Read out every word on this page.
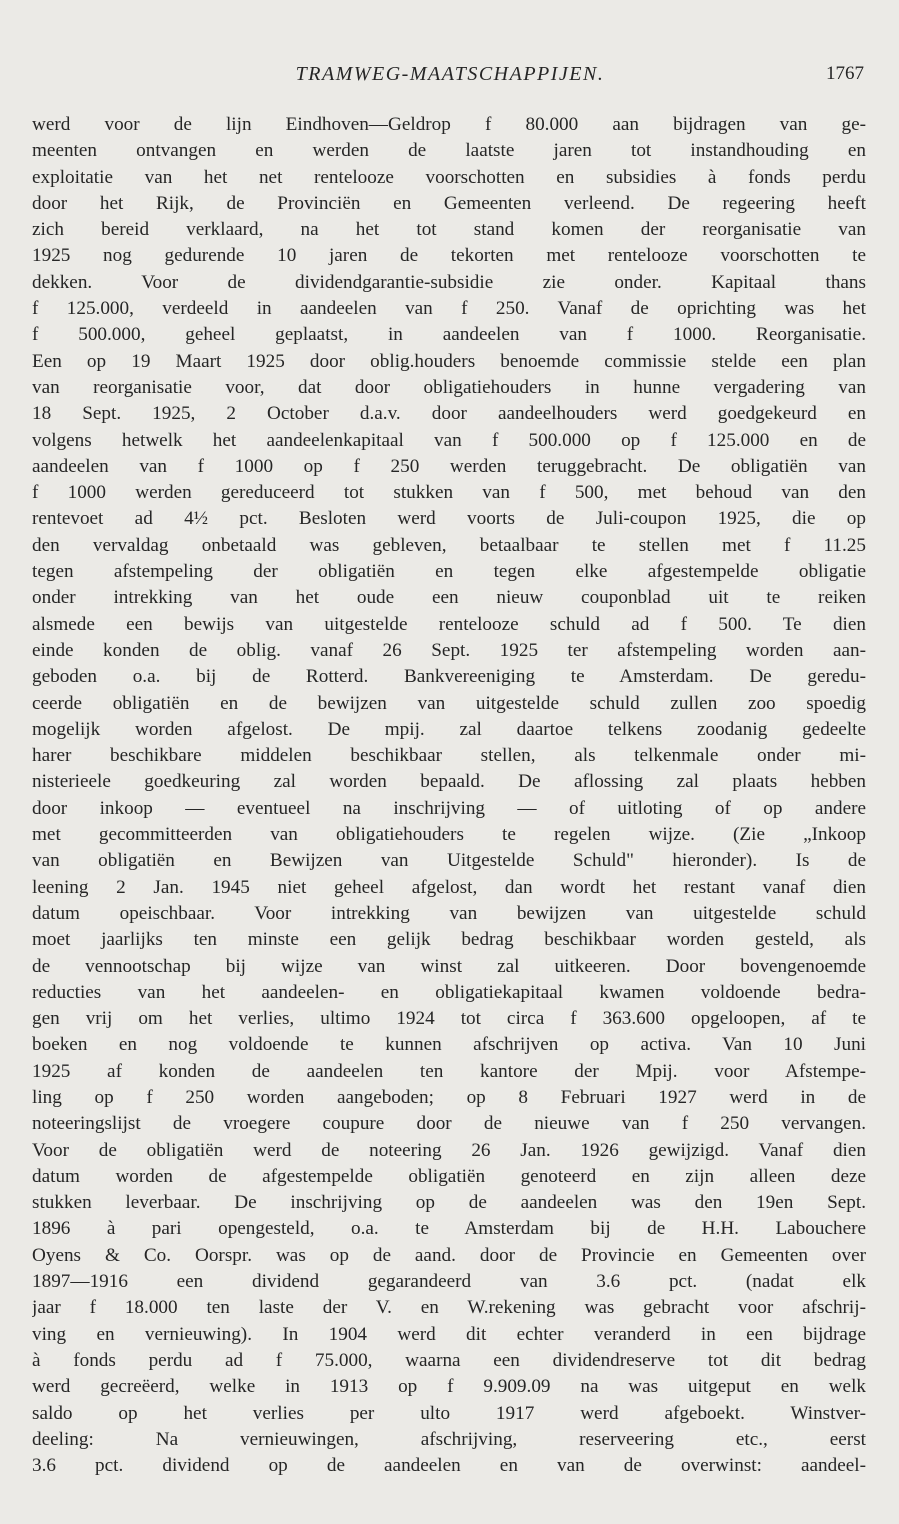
TRAMWEG-MAATSCHAPPIJEN.	1767
werd voor de lijn Eindhoven—Geldrop f 80.000 aan bijdragen van ge-
meenten ontvangen en werden de laatste jaren tot instandhouding en
exploitatie van het net rentelooze voorschotten en subsidies à fonds perdu
door het Rijk, de Provinciën en Gemeenten verleend. De regeering heeft
zich bereid verklaard, na het tot stand komen der reorganisatie van
1925 nog gedurende 10 jaren de tekorten met rentelooze voorschotten te
dekken. Voor de dividendgarantie-subsidie zie onder. Kapitaal thans
f 125.000, verdeeld in aandeelen van f 250. Vanaf de oprichting was het
f 500.000, geheel geplaatst, in aandeelen van f 1000. Reorganisatie.
Een op 19 Maart 1925 door oblig.houders benoemde commissie stelde een plan
van reorganisatie voor, dat door obligatiehouders in hunne vergadering van
18 Sept. 1925, 2 October d.a.v. door aandeelhouders werd goedgekeurd en
volgens hetwelk het aandeelenkapitaal van f 500.000 op f 125.000 en de
aandeelen van f 1000 op f 250 werden teruggebracht. De obligatiën van
f 1000 werden gereduceerd tot stukken van f 500, met behoud van den
rentevoet ad 4½ pct. Besloten werd voorts de Juli-coupon 1925, die op
den vervaldag onbetaald was gebleven, betaalbaar te stellen met f 11.25
tegen afstempeling der obligatiën en tegen elke afgestempelde obligatie
onder intrekking van het oude een nieuw couponblad uit te reiken
alsmede een bewijs van uitgestelde rentelooze schuld ad f 500. Te dien
einde konden de oblig. vanaf 26 Sept. 1925 ter afstempeling worden aan-
geboden o.a. bij de Rotterd. Bankvereeniging te Amsterdam. De geredu-
ceerde obligatiën en de bewijzen van uitgestelde schuld zullen zoo spoedig
mogelijk worden afgelost. De mpij. zal daartoe telkens zoodanig gedeelte
harer beschikbare middelen beschikbaar stellen, als telkenmale onder mi-
nisterieele goedkeuring zal worden bepaald. De aflossing zal plaats hebben
door inkoop — eventueel na inschrijving — of uitloting of op andere
met gecommitteerden van obligatiehouders te regelen wijze. (Zie „Inkoop
van obligatiën en Bewijzen van Uitgestelde Schuld" hieronder). Is de
leening 2 Jan. 1945 niet geheel afgelost, dan wordt het restant vanaf dien
datum opeischbaar. Voor intrekking van bewijzen van uitgestelde schuld
moet jaarlijks ten minste een gelijk bedrag beschikbaar worden gesteld, als
de vennootschap bij wijze van winst zal uitkeeren. Door bovengenoemde
reducties van het aandeelen- en obligatiekapitaal kwamen voldoende bedra-
gen vrij om het verlies, ultimo 1924 tot circa f 363.600 opgeloopen, af te
boeken en nog voldoende te kunnen afschrijven op activa. Van 10 Juni
1925 af konden de aandeelen ten kantore der Mpij. voor Afstempe-
ling op f 250 worden aangeboden; op 8 Februari 1927 werd in de
noteeringslijst de vroegere coupure door de nieuwe van f 250 vervangen.
Voor de obligatiën werd de noteering 26 Jan. 1926 gewijzigd. Vanaf dien
datum worden de afgestempelde obligatiën genoteerd en zijn alleen deze
stukken leverbaar. De inschrijving op de aandeelen was den 19en Sept.
1896 à pari opengesteld, o.a. te Amsterdam bij de H.H. Labouchere
Oyens & Co. Oorspr. was op de aand. door de Provincie en Gemeenten over
1897—1916 een dividend gegarandeerd van 3.6 pct. (nadat elk
jaar f 18.000 ten laste der V. en W.rekening was gebracht voor afschrij-
ving en vernieuwing). In 1904 werd dit echter veranderd in een bijdrage
à fonds perdu ad f 75.000, waarna een dividendreserve tot dit bedrag
werd gecreëerd, welke in 1913 op f 9.909.09 na was uitgeput en welk
saldo op het verlies per ulto 1917 werd afgeboekt. Winstver-
deeling: Na vernieuwingen, afschrijving, reserveering etc., eerst
3.6 pct. dividend op de aandeelen en van de overwinst: aandeel-
